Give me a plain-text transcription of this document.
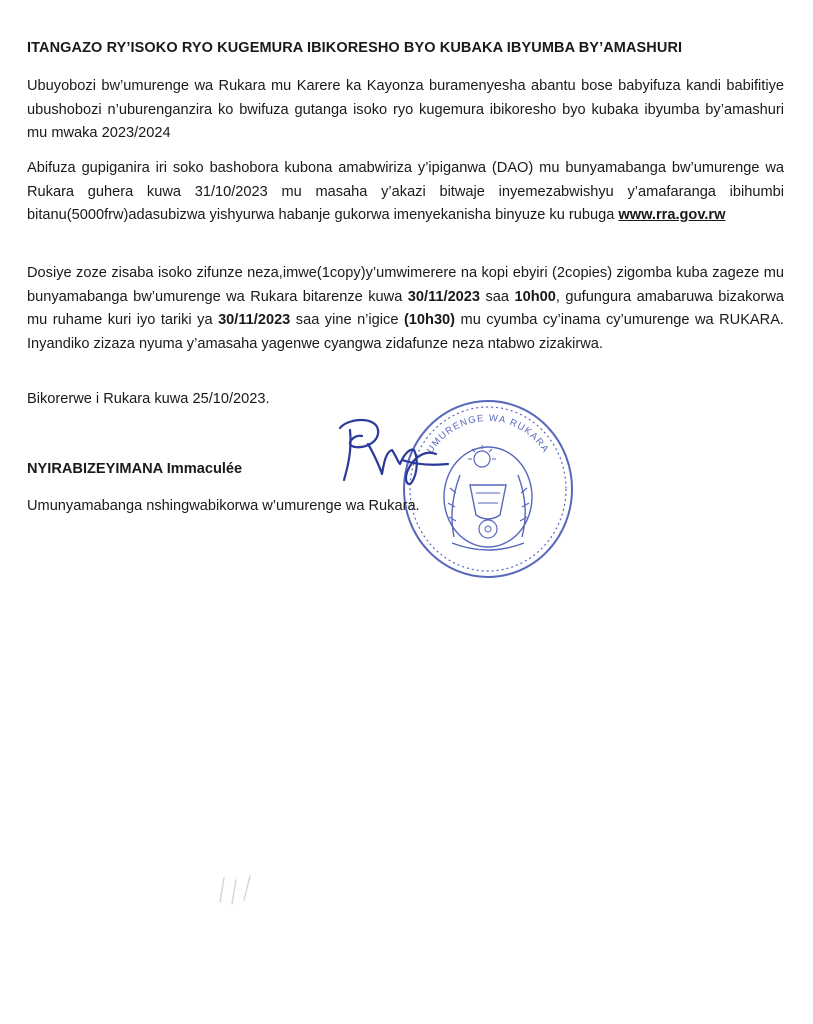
ITANGAZO RY’ISOKO RYO KUGEMURA IBIKORESHO BYO KUBAKA IBYUMBA BY’AMASHURI
Ubuyobozi bw’umurenge wa Rukara mu Karere ka Kayonza buramenyesha abantu bose babyifuza kandi babifitiye ubushobozi n’uburenganzira ko bwifuza gutanga isoko ryo kugemura ibikoresho byo kubaka ibyumba by’amashuri mu mwaka 2023/2024
Abifuza gupiganira iri soko bashobora kubona amabwiriza y’ipiganwa (DAO) mu bunyamabanga bw’umurenge wa Rukara guhera kuwa 31/10/2023 mu masaha y’akazi bitwaje inyemezabwishyu y’amafaranga ibihumbi bitanu(5000frw)adasubizwa yishyurwa habanje gukorwa imenyekanisha binyuze ku rubuga www.rra.gov.rw
Dosiye zoze zisaba isoko zifunze neza,imwe(1copy)y’umwimerere na kopi ebyiri (2copies) zigomba kuba zageze mu bunyamabanga bw’umurenge wa Rukara bitarenze kuwa 30/11/2023 saa 10h00, gufungura amabaruwa bizakorwa mu ruhame kuri iyo tariki ya 30/11/2023 saa yine n’igice (10h30) mu cyumba cy’inama cy’umurenge wa RUKARA. Inyandiko zizaza nyuma y’amasaha yagenwe cyangwa zidafunze neza ntabwo zizakirwa.
Bikorerwe i Rukara kuwa 25/10/2023.
UMURENGE WA RUKARA
NYIRABIZEYIMANA Immaculée
Umunyamabanga nshingwabikorwa w’umurenge wa Rukara.
